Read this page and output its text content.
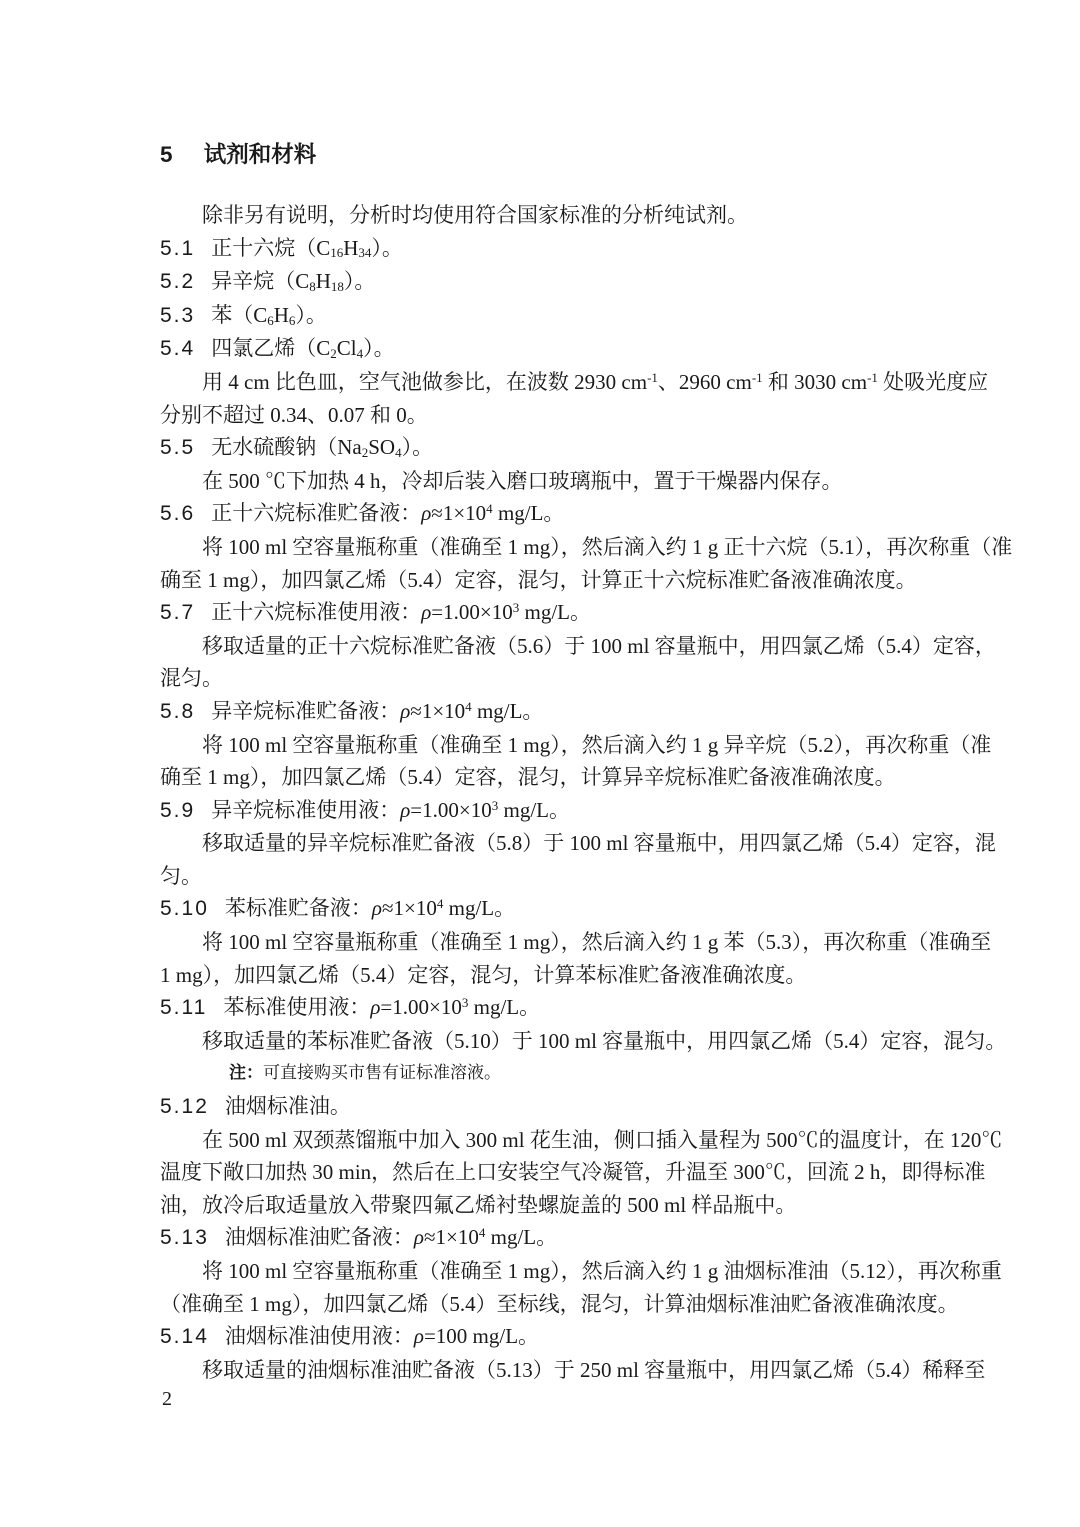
5 试剂和材料
除非另有说明，分析时均使用符合国家标准的分析纯试剂。
5.1 正十六烷$(C_{16}H_{34})$。
5.2 异辛烷$(C_8H_{18})$。
5.3 苯$(C_6H_6)$。
5.4 四氯乙烯$(C_2Cl_4)$。
用 4 cm 比色皿，空气池做参比，在波数 2930 $cm^{-1}$、2960 $cm^{-1}$ 和 3030 $cm^{-1}$ 处吸光度应
分别不超过 0.34、0.07 和 0。
5.5 无水硫酸钠$(Na_2SO_4)$。
在 500 ℃下加热 4 h，冷却后装入磨口玻璃瓶中，置于干燥器内保存。
5.6 正十六烷标准贮备液：$\rho\approx 1\times 10^4$ mg/L。
将 100 ml 空容量瓶称重（准确至 1 mg），然后滴入约 1 g 正十六烷（5.1），再次称重（准
确至 1 mg），加四氯乙烯（5.4）定容，混匀，计算正十六烷标准贮备液准确浓度。
5.7 正十六烷标准使用液：$\rho=1.00\times 10^3$ mg/L。
移取适量的正十六烷标准贮备液（5.6）于 100 ml 容量瓶中，用四氯乙烯（5.4）定容，
混匀。
5.8 异辛烷标准贮备液：$\rho\approx 1\times 10^4$ mg/L。
将 100 ml 空容量瓶称重（准确至 1 mg），然后滴入约 1 g 异辛烷（5.2），再次称重（准
确至 1 mg），加四氯乙烯（5.4）定容，混匀，计算异辛烷标准贮备液准确浓度。
5.9 异辛烷标准使用液：$\rho=1.00\times 10^3$ mg/L。
移取适量的异辛烷标准贮备液（5.8）于 100 ml 容量瓶中，用四氯乙烯（5.4）定容，混
匀。
5.10 苯标准贮备液：$\rho\approx 1\times 10^4$ mg/L。
将 100 ml 空容量瓶称重（准确至 1 mg），然后滴入约 1 g 苯（5.3），再次称重（准确至
1 mg），加四氯乙烯（5.4）定容，混匀，计算苯标准贮备液准确浓度。
5.11 苯标准使用液：$\rho=1.00\times 10^3$ mg/L。
移取适量的苯标准贮备液（5.10）于 100 ml 容量瓶中，用四氯乙烯（5.4）定容，混匀。
注：可直接购买市售有证标准溶液。
5.12 油烟标准油。
在 500 ml 双颈蒸馏瓶中加入 300 ml 花生油，侧口插入量程为 500℃的温度计，在 120℃
温度下敞口加热 30 min，然后在上口安装空气冷凝管，升温至 300℃，回流 2 h，即得标准
油，放冷后取适量放入带聚四氟乙烯衬垫螺旋盖的 500 ml 样品瓶中。
5.13 油烟标准油贮备液：$\rho\approx 1\times 10^4$ mg/L。
将 100 ml 空容量瓶称重（准确至 1 mg），然后滴入约 1 g 油烟标准油（5.12），再次称重
（准确至 1 mg），加四氯乙烯（5.4）至标线，混匀，计算油烟标准油贮备液准确浓度。
5.14 油烟标准油使用液：ρ=100 mg/L。
移取适量的油烟标准油贮备液（5.13）于 250 ml 容量瓶中，用四氯乙烯（5.4）稀释至
2
